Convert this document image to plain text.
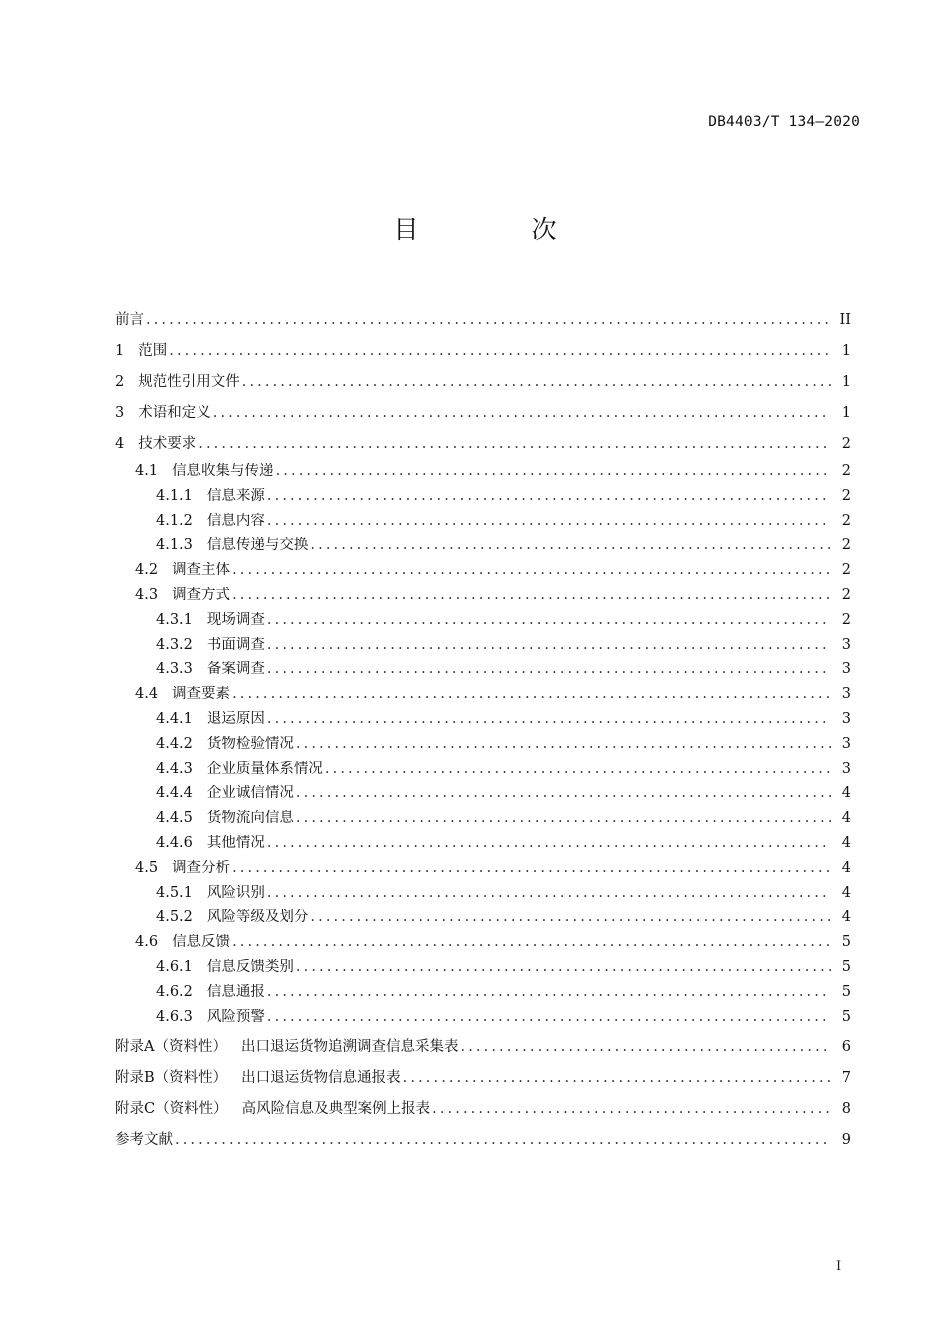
DB4403/T 134—2020
目　次
前言 .....	II
1 范围 .....	1
2 规范性引用文件 .....	1
3 术语和定义 .....	1
4 技术要求 .....	2
4.1 信息收集与传递 .....	2
4.1.1 信息来源 .....	2
4.1.2 信息内容 .....	2
4.1.3 信息传递与交换 .....	2
4.2 调查主体 .....	2
4.3 调查方式 .....	2
4.3.1 现场调查 .....	2
4.3.2 书面调查 .....	3
4.3.3 备案调查 .....	3
4.4 调查要素 .....	3
4.4.1 退运原因 .....	3
4.4.2 货物检验情况 .....	3
4.4.3 企业质量体系情况 .....	3
4.4.4 企业诚信情况 .....	4
4.4.5 货物流向信息 .....	4
4.4.6 其他情况 .....	4
4.5 调查分析 .....	4
4.5.1 风险识别 .....	4
4.5.2 风险等级及划分 .....	4
4.6 信息反馈 .....	5
4.6.1 信息反馈类别 .....	5
4.6.2 信息通报 .....	5
4.6.3 风险预警 .....	5
附录A（资料性） 出口退运货物追溯调查信息采集表 .....	6
附录B（资料性） 出口退运货物信息通报表 .....	7
附录C（资料性） 高风险信息及典型案例上报表 .....	8
参考文献 .....	9
I
